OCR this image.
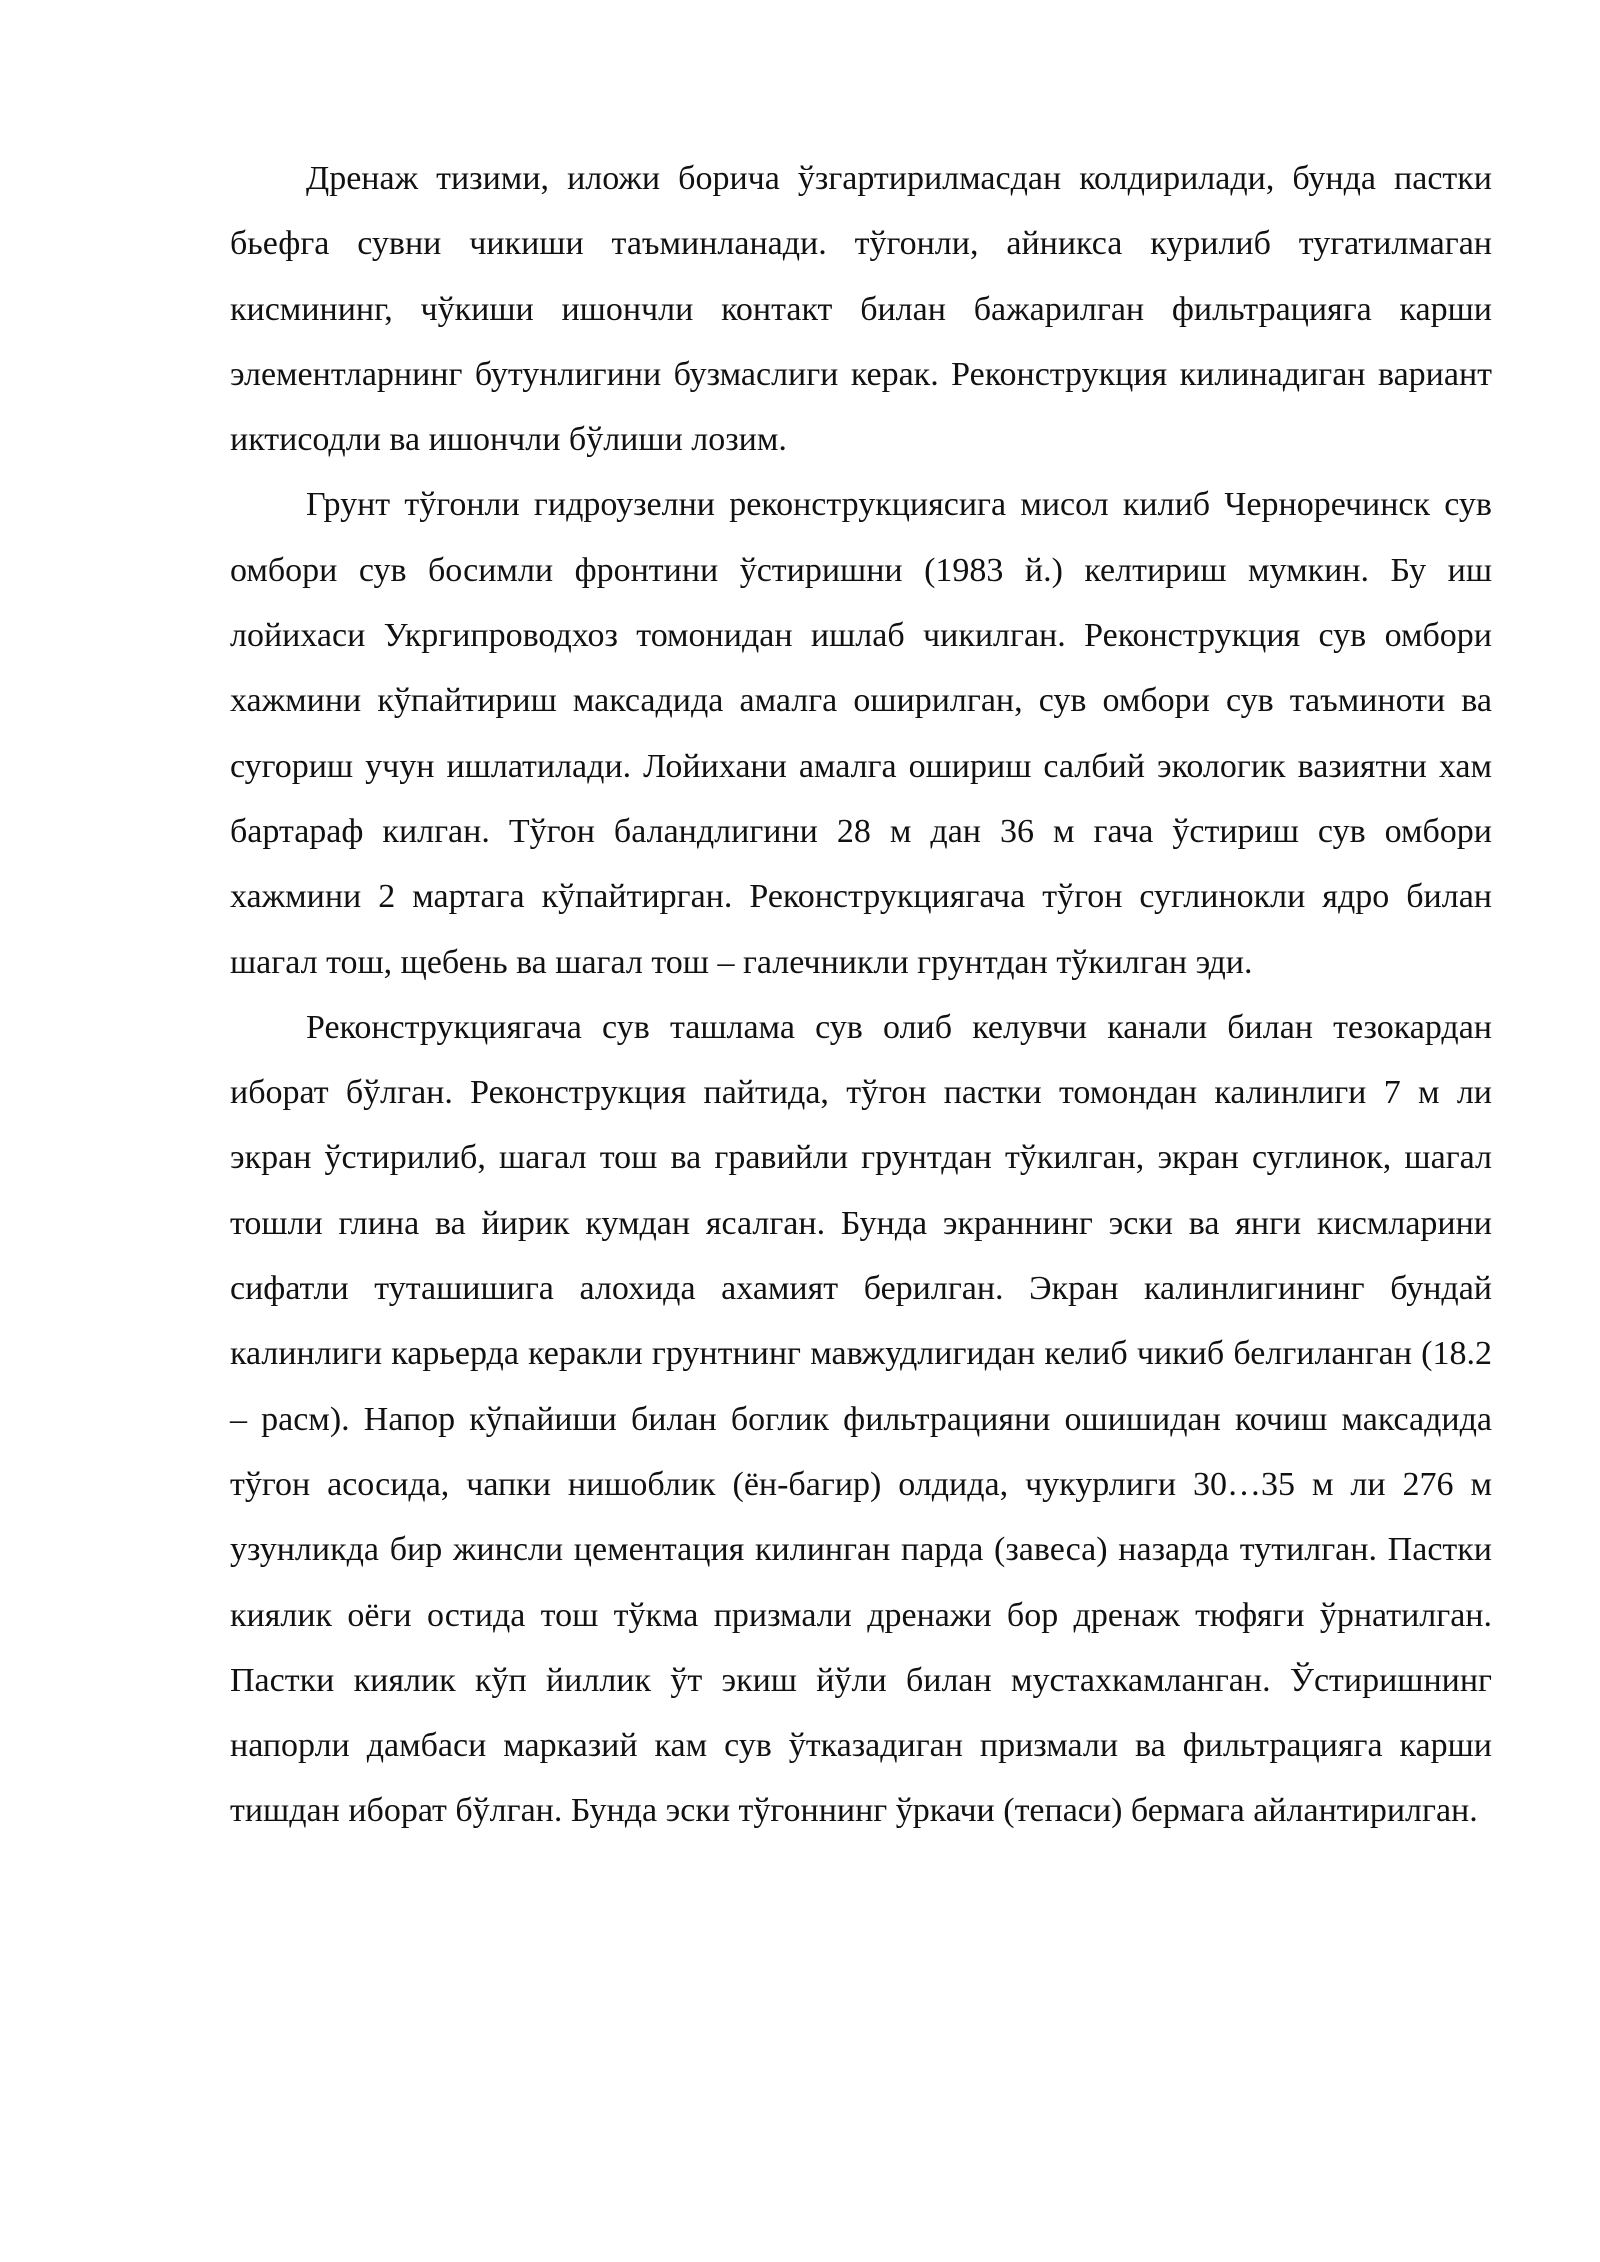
Дренаж тизими, иложи борича ўзгартирилмасдан колдирилади, бунда пастки бьефга сувни чикиши таъминланади. тўгонли, айникса курилиб тугатилмаган кисмининг, чўкиши ишончли контакт билан бажарилган фильтрацияга карши элементларнинг бутунлигини бузмаслиги керак. Реконструкция килинадиган вариант иктисодли ва ишончли бўлиши лозим.

Грунт тўгонли гидроузелни реконструкциясига мисол килиб Черноречинск сув омбори сув босимли фронтини ўстиришни (1983 й.) келтириш мумкин. Бу иш лойихаси Укргипроводхоз томонидан ишлаб чикилган. Реконструкция сув омбори хажмини кўпайтириш максадида амалга оширилган, сув омбори сув таъминоти ва сугориш учун ишлатилади. Лойихани амалга ошириш салбий экологик вазиятни хам бартараф килган. Тўгон баландлигини 28 м дан 36 м гача ўстириш сув омбори хажмини 2 мартага кўпайтирган. Реконструкциягача тўгон суглинокли ядро билан шагал тош, щебень ва шагал тош – галечникли грунтдан тўкилган эди.

Реконструкциягача сув ташлама сув олиб келувчи канали билан тезокардан иборат бўлган. Реконструкция пайтида, тўгон пастки томондан калинлиги 7 м ли экран ўстирилиб, шагал тош ва гравийли грунтдан тўкилган, экран суглинок, шагал тошли глина ва йирик кумдан ясалган. Бунда экраннинг эски ва янги кисмларини сифатли туташишига алохида ахамият берилган. Экран калинлигининг бундай калинлиги карьерда керакли грунтнинг мавжудлигидан келиб чикиб белгиланган (18.2 – расм). Напор кўпайиши билан боглик фильтрацияни ошишидан кочиш максадида тўгон асосида, чапки нишоблик (ён-багир) олдида, чукурлиги 30…35 м ли 276 м узунликда бир жинсли цементация килинган парда (завеса) назарда тутилган. Пастки киялик оёги остида тош тўкма призмали дренажи бор дренаж тюфяги ўрнатилган. Пастки киялик кўп йиллик ўт экиш йўли билан мустахкамланган. Ўстиришнинг напорли дамбаси марказий кам сув ўтказадиган призмали ва фильтрацияга карши тишдан иборат бўлган. Бунда эски тўгоннинг ўркачи (тепаси) бермага айлантирилган.
